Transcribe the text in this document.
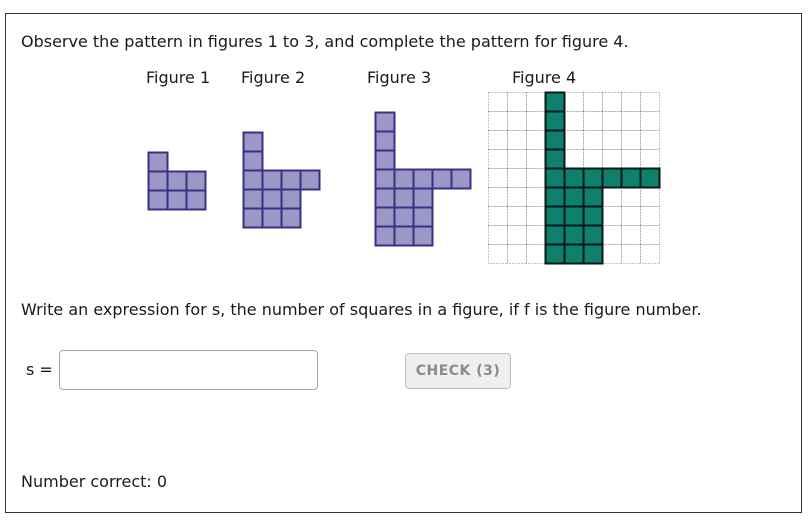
Observe the pattern in figures 1 to 3, and complete the pattern for figure 4.
Figure 1 Figure 2	Figure 3	Figure 4
Write an expression for s, the number of squares in a figure, if f is the figure number.
s =	CHECK (3)
Number correct: 0
